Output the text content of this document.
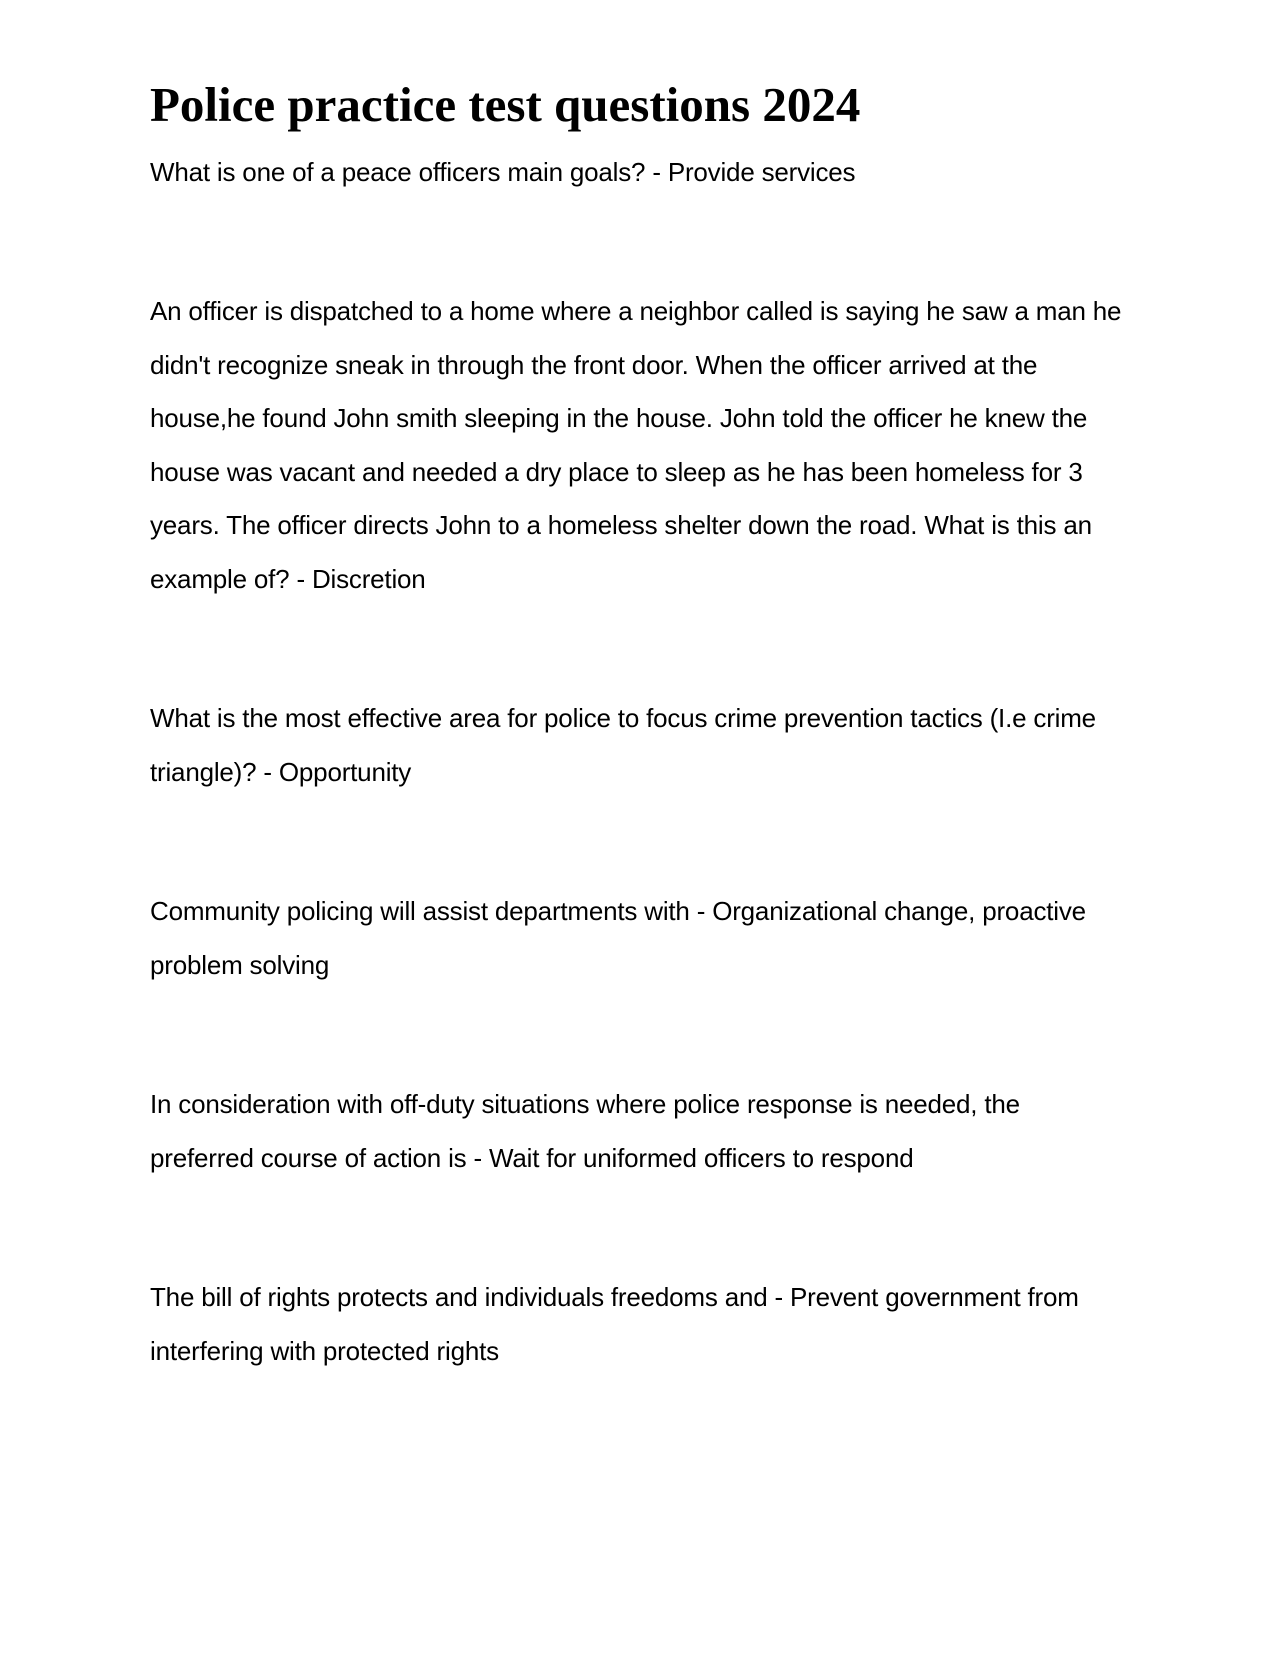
Police practice test questions 2024

What is one of a peace officers main goals? - Provide services

An officer is dispatched to a home where a neighbor called is saying he saw a man he didn't recognize sneak in through the front door. When the officer arrived at the house,he found John smith sleeping in the house. John told the officer he knew the house was vacant and needed a dry place to sleep as he has been homeless for 3 years. The officer directs John to a homeless shelter down the road. What is this an example of? - Discretion

What is the most effective area for police to focus crime prevention tactics (I.e crime triangle)? - Opportunity

Community policing will assist departments with - Organizational change, proactive problem solving

In consideration with off-duty situations where police response is needed, the preferred course of action is - Wait for uniformed officers to respond

The bill of rights protects and individuals freedoms and - Prevent government from interfering with protected rights
